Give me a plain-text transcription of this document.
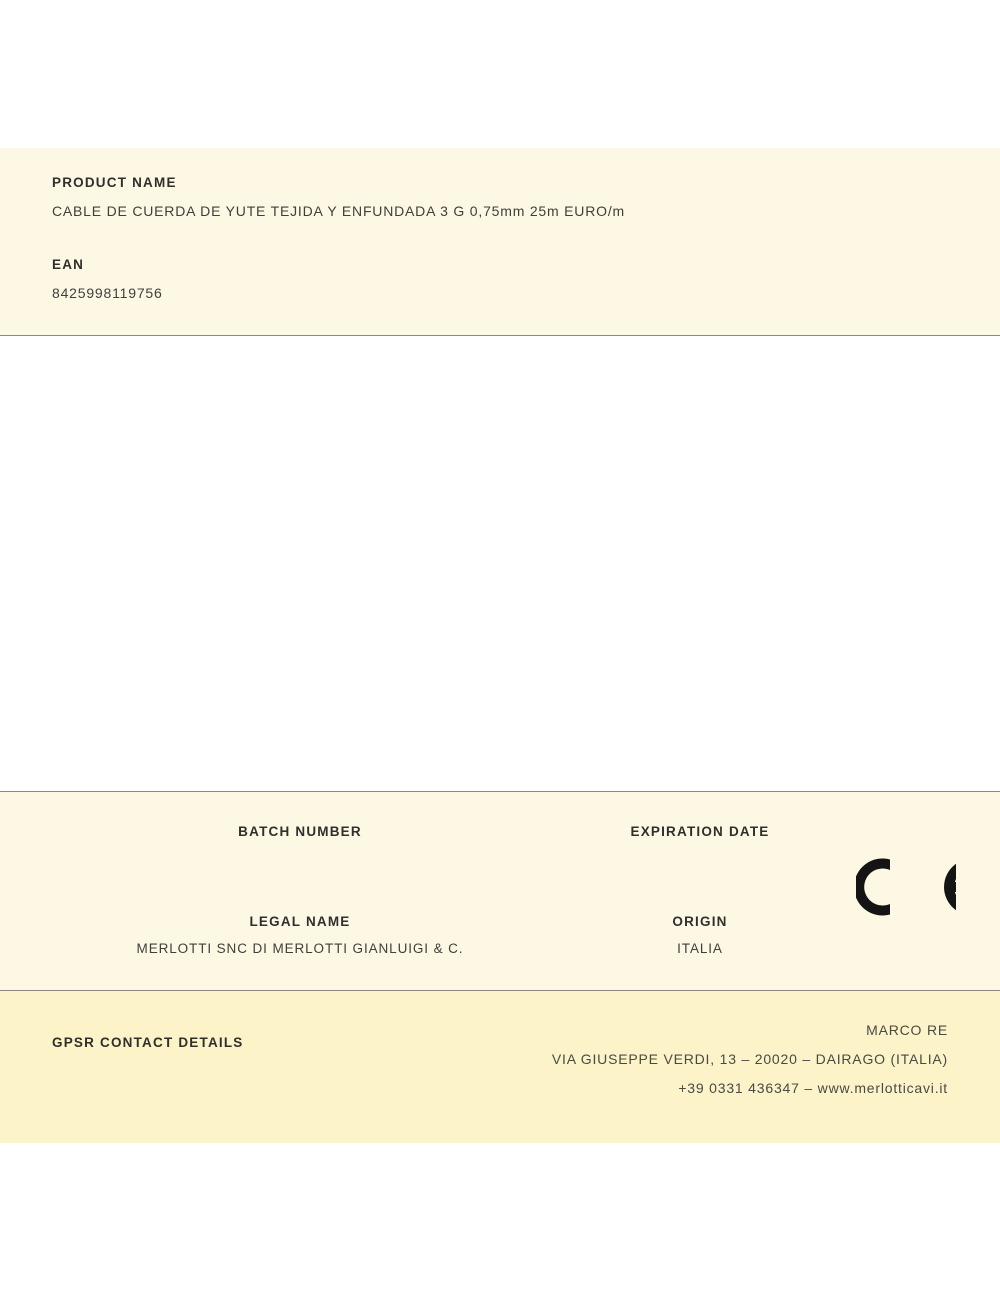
PRODUCT NAME

CABLE DE CUERDA DE YUTE TEJIDA Y ENFUNDADA 3 G 0,75mm 25m EURO/m

EAN

8425998119756

BATCH NUMBER	EXPIRATION DATE

LEGAL NAME

MERLOTTI SNC DI MERLOTTI GIANLUIGI & C.

ORIGIN

ITALIA

GPSR CONTACT DETAILS

MARCO RE

VIA GIUSEPPE VERDI, 13 – 20020 – DAIRAGO (ITALIA)

+39 0331 436347 – www.merlotticavi.it
